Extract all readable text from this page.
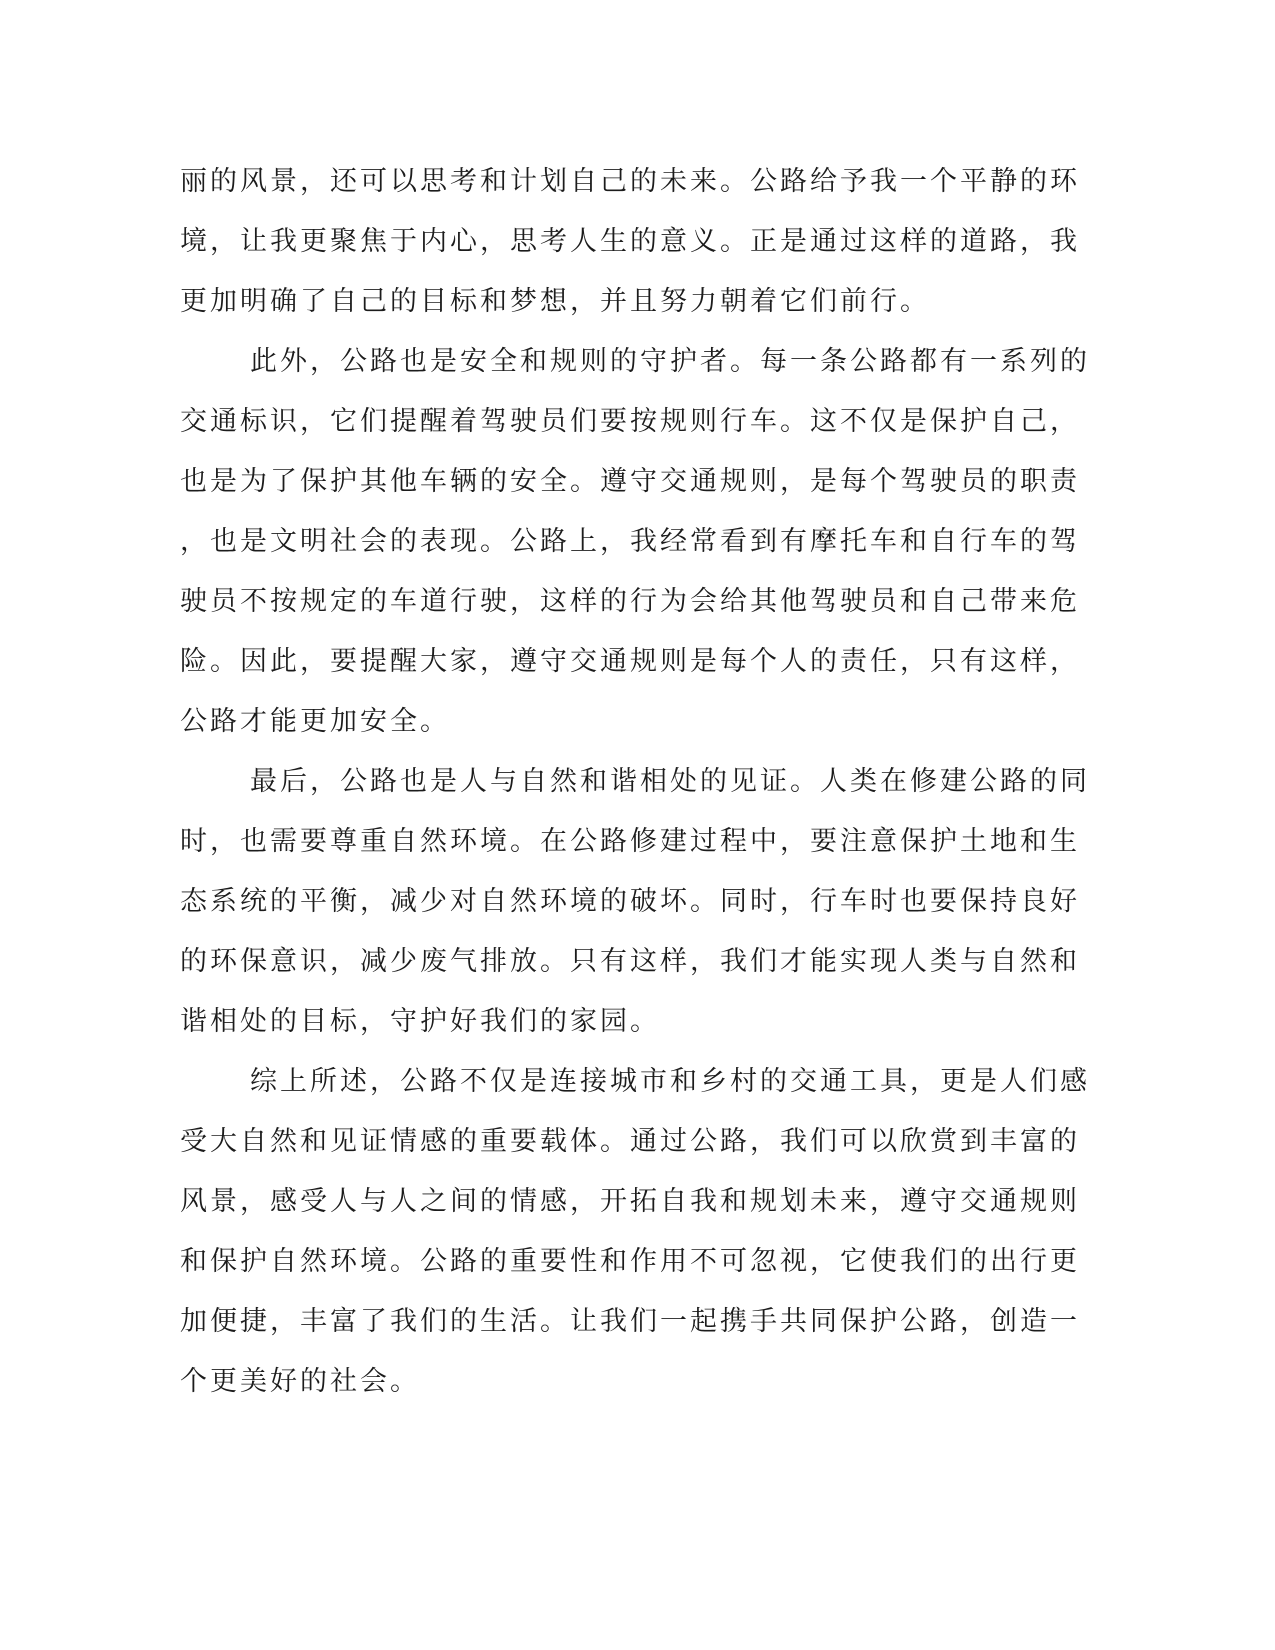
丽的风景，还可以思考和计划自己的未来。公路给予我一个平静的环
境，让我更聚焦于内心，思考人生的意义。正是通过这样的道路，我
更加明确了自己的目标和梦想，并且努力朝着它们前行。
此外，公路也是安全和规则的守护者。每一条公路都有一系列的
交通标识，它们提醒着驾驶员们要按规则行车。这不仅是保护自己，
也是为了保护其他车辆的安全。遵守交通规则，是每个驾驶员的职责
，也是文明社会的表现。公路上，我经常看到有摩托车和自行车的驾
驶员不按规定的车道行驶，这样的行为会给其他驾驶员和自己带来危
险。因此，要提醒大家，遵守交通规则是每个人的责任，只有这样，
公路才能更加安全。
最后，公路也是人与自然和谐相处的见证。人类在修建公路的同
时，也需要尊重自然环境。在公路修建过程中，要注意保护土地和生
态系统的平衡，减少对自然环境的破坏。同时，行车时也要保持良好
的环保意识，减少废气排放。只有这样，我们才能实现人类与自然和
谐相处的目标，守护好我们的家园。
综上所述，公路不仅是连接城市和乡村的交通工具，更是人们感
受大自然和见证情感的重要载体。通过公路，我们可以欣赏到丰富的
风景，感受人与人之间的情感，开拓自我和规划未来，遵守交通规则
和保护自然环境。公路的重要性和作用不可忽视，它使我们的出行更
加便捷，丰富了我们的生活。让我们一起携手共同保护公路，创造一
个更美好的社会。
